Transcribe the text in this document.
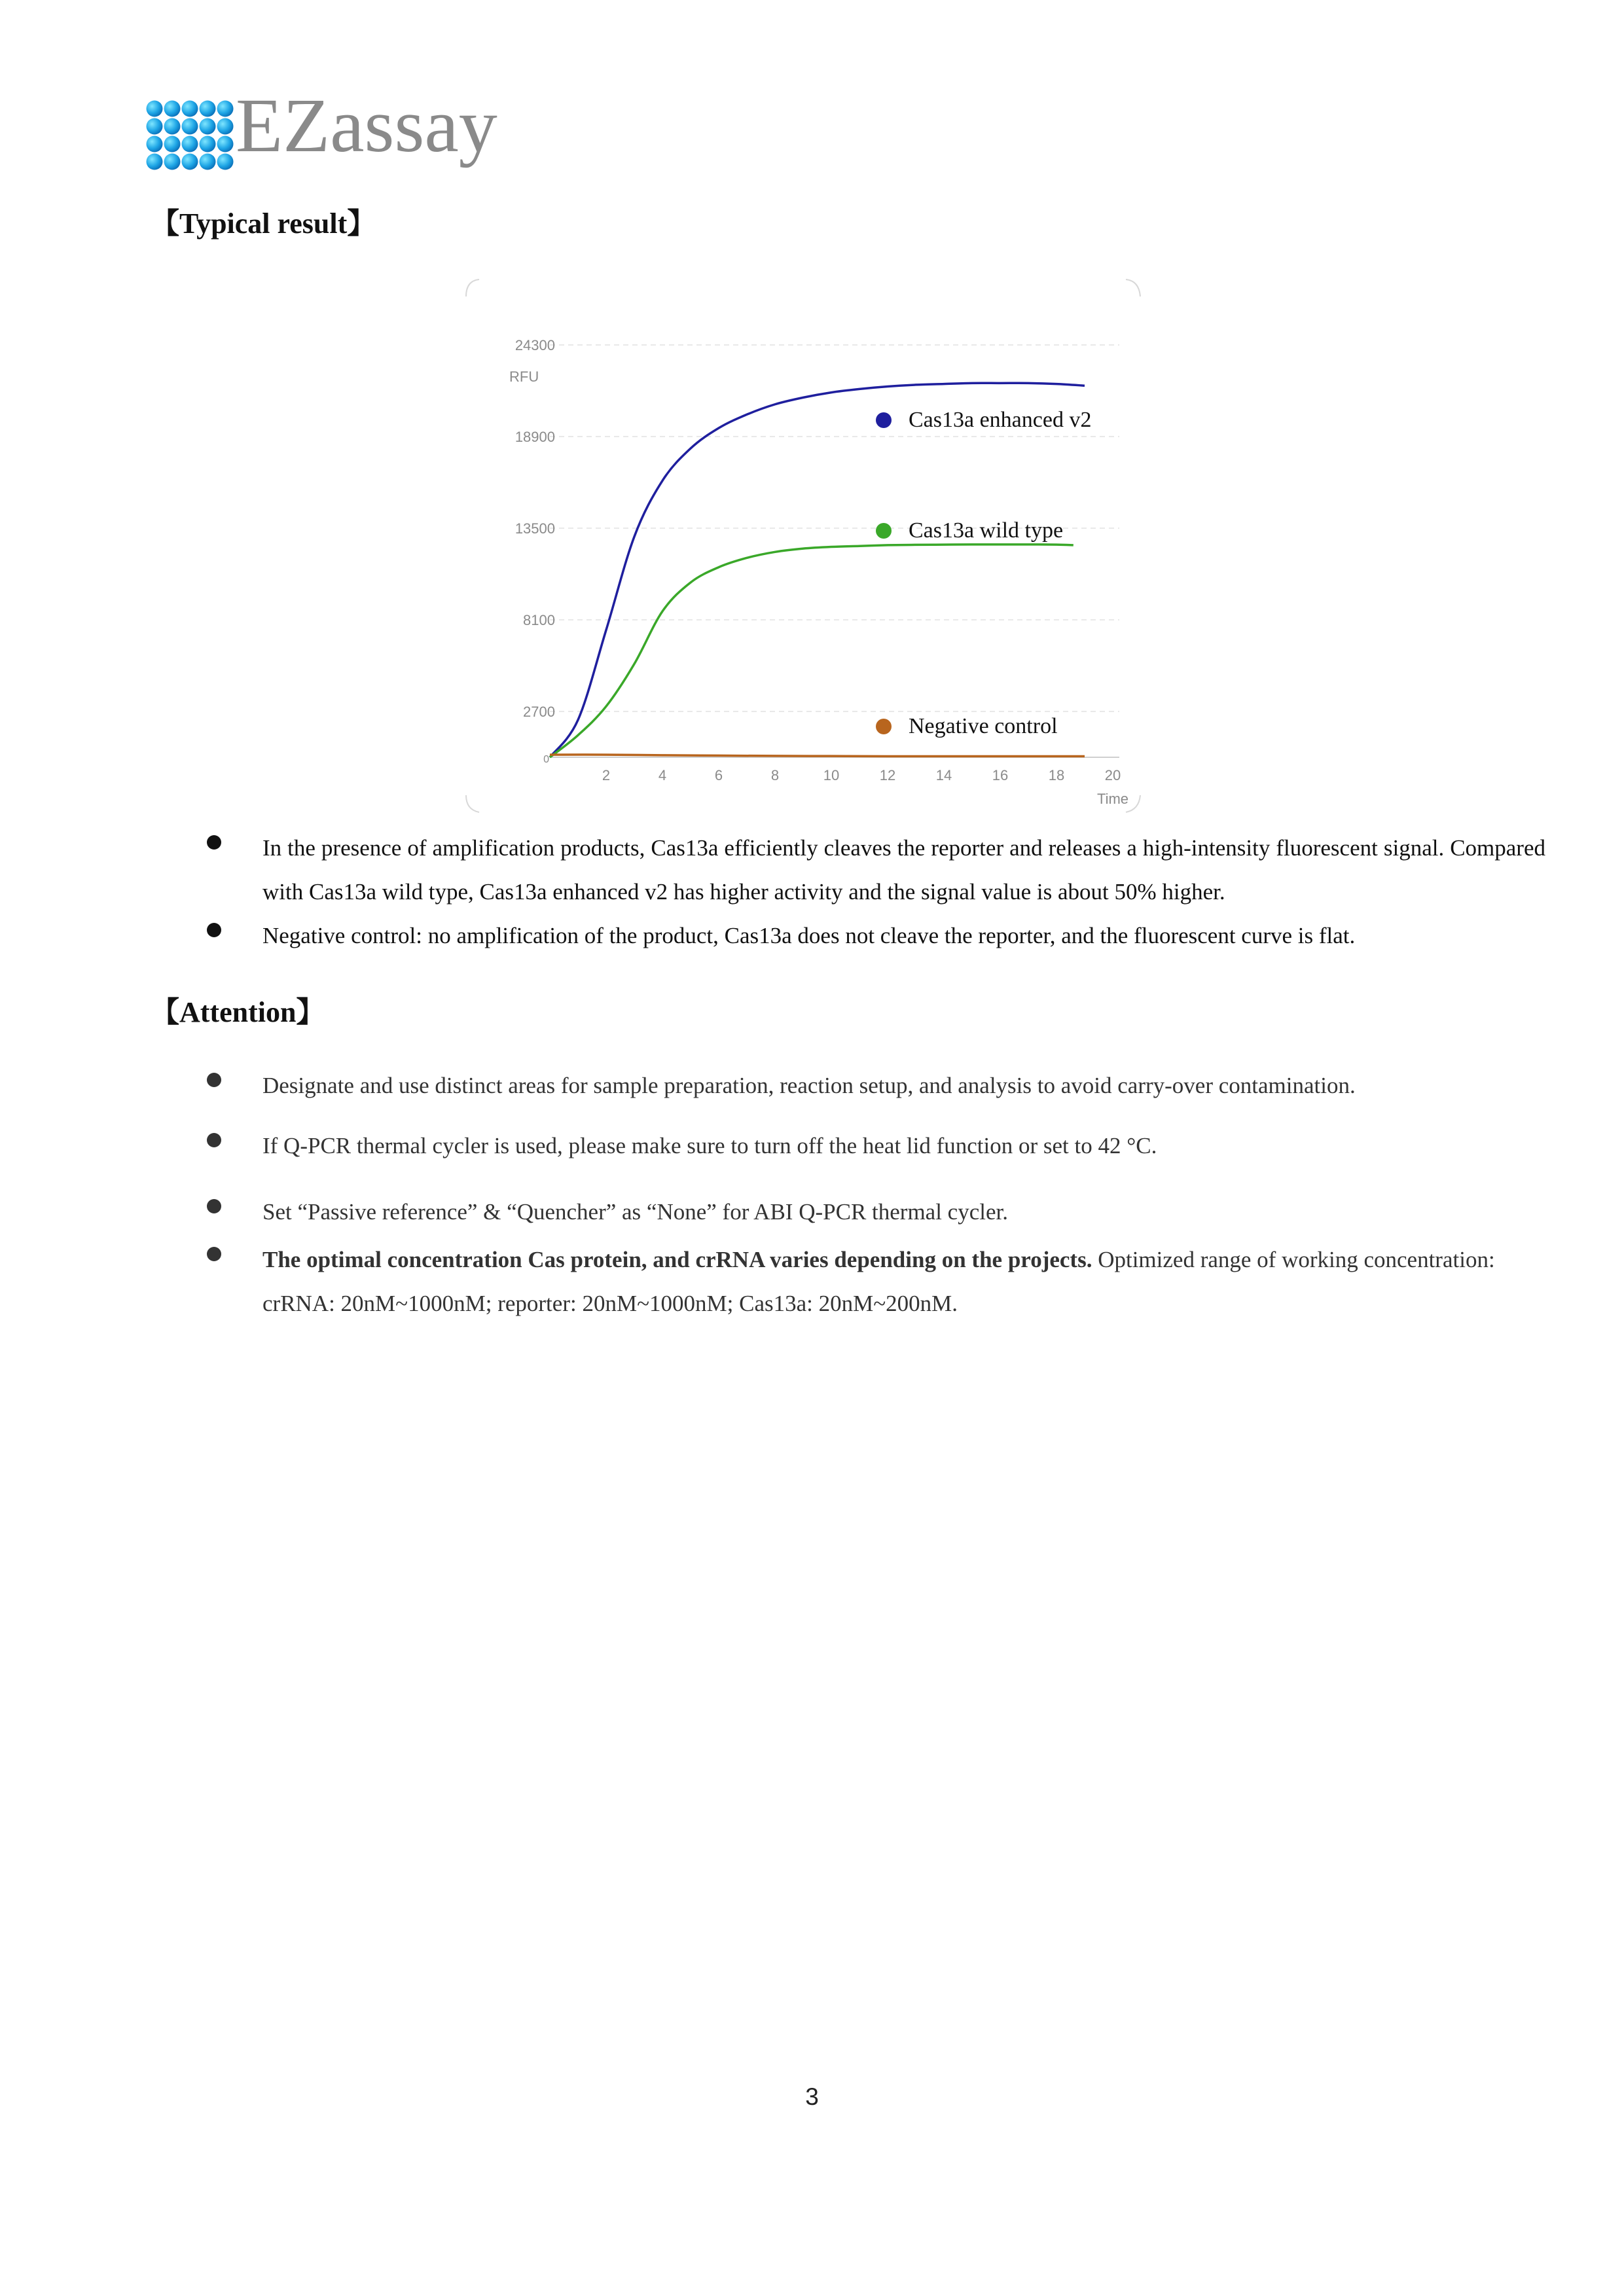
EZassay
【Typical result】
0
2700
8100
13500
18900
24300
2	4	6	8	10	12	14	16	18	20
Cas13a enhanced v2
Cas13a wild type
Negative control
RFU
Time
In the presence of amplification products, Cas13a efficiently cleaves the reporter and releases a high-intensity fluorescent signal. Compared with Cas13a wild type, Cas13a enhanced v2 has higher activity and the signal value is about 50% higher.
Negative control: no amplification of the product, Cas13a does not cleave the reporter, and the fluorescent curve is flat.
【Attention】
Designate and use distinct areas for sample preparation, reaction setup, and analysis to avoid carry-over contamination.
If Q-PCR thermal cycler is used, please make sure to turn off the heat lid function or set to 42 °C.
Set “Passive reference” & “Quencher” as “None” for ABI Q-PCR thermal cycler.
The optimal concentration Cas protein, and crRNA varies depending on the projects. Optimized range of working concentration: crRNA: 20nM~1000nM; reporter: 20nM~1000nM; Cas13a: 20nM~200nM.
3
